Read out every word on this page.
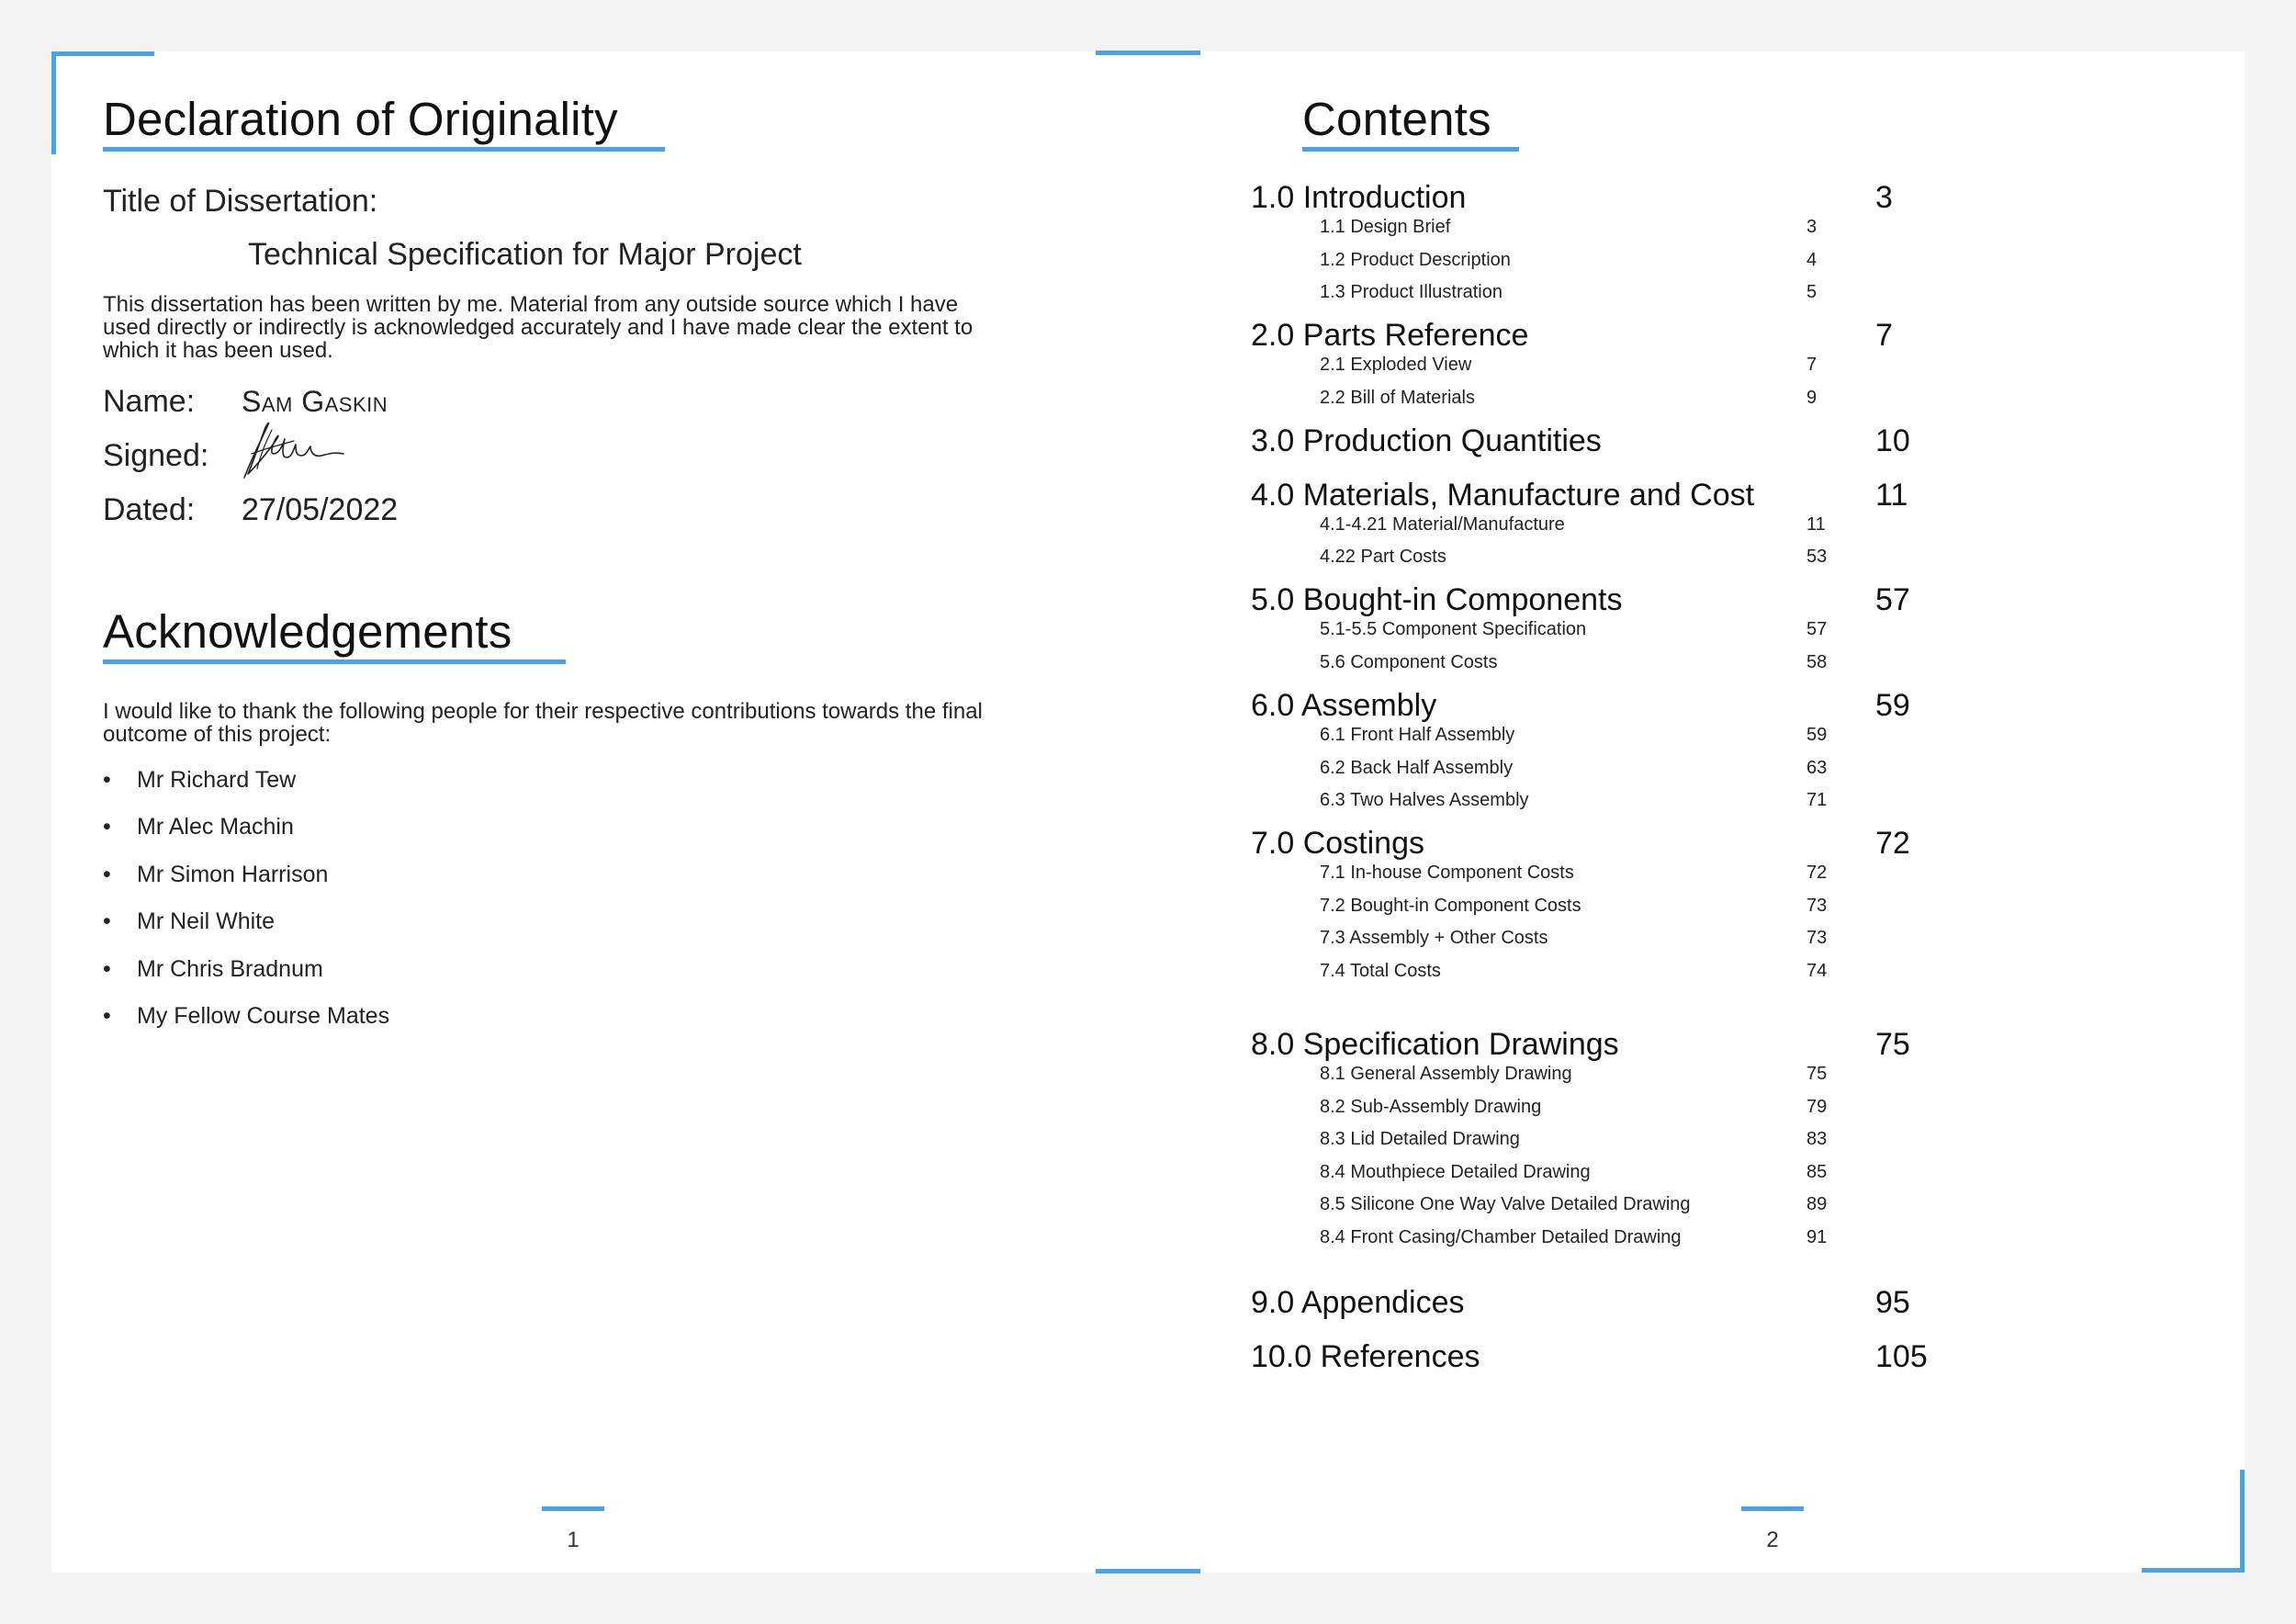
Declaration of Originality
Title of Dissertation:
Technical Specification for Major Project

This dissertation has been written by me. Material from any outside source which I have used directly or indirectly is acknowledged accurately and I have made clear the extent to which it has been used.

Name: Sam Gaskin
Signed:
Dated: 27/05/2022
Acknowledgements

I would like to thank the following people for their respective contributions towards the final outcome of this project:

• Mr Richard Tew
• Mr Alec Machin
• Mr Simon Harrison
• Mr Neil White
• Mr Chris Bradnum
• My Fellow Course Mates
1
Contents
2
1.0 Introduction	3
1.1 Design Brief	3
1.2 Product Description	4
1.3 Product Illustration	5
2.0 Parts Reference	7
2.1 Exploded View	7
2.2 Bill of Materials	9
3.0 Production Quantities	10
4.0 Materials, Manufacture and Cost	11
4.1-4.21 Material/Manufacture	11
4.22 Part Costs	53
5.0 Bought-in Components	57
5.1-5.5 Component Specification	57
5.6 Component Costs	58
6.0 Assembly	59
6.1 Front Half Assembly	59
6.2 Back Half Assembly	63
6.3 Two Halves Assembly	71
7.0 Costings	72
7.1 In-house Component Costs	72
7.2 Bought-in Component Costs	73
7.3 Assembly + Other Costs	73
7.4 Total Costs	74
8.0 Specification Drawings	75
8.1 General Assembly Drawing	75
8.2 Sub-Assembly Drawing	79
8.3 Lid Detailed Drawing	83
8.4 Mouthpiece Detailed Drawing	85
8.5 Silicone One Way Valve Detailed Drawing	89
8.4 Front Casing/Chamber Detailed Drawing	91
9.0 Appendices	95
10.0 References	105
